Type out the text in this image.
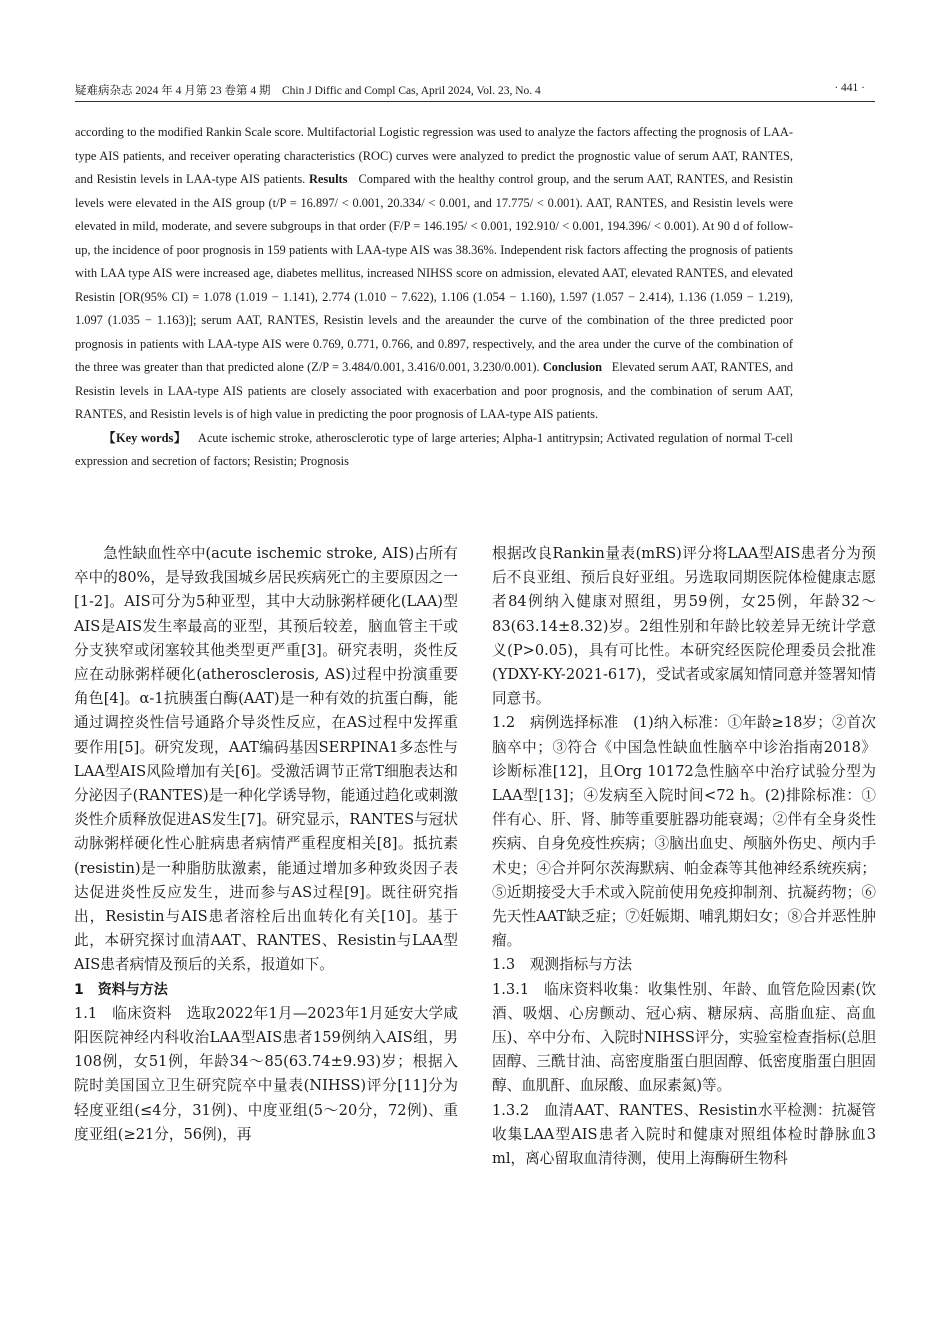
疑难病杂志 2024 年 4 月第 23 卷第 4 期　Chin J Diffic and Compl Cas, April 2024, Vol. 23, No. 4	· 441 ·

according to the modified Rankin Scale score. Multifactorial Logistic regression was used to analyze the factors affecting the prognosis of LAA-type AIS patients, and receiver operating characteristics (ROC) curves were analyzed to predict the prognostic value of serum AAT, RANTES, and Resistin levels in LAA-type AIS patients. Results Compared with the healthy control group, and the serum AAT, RANTES, and Resistin levels were elevated in the AIS group (t/P = 16.897/ < 0.001, 20.334/ < 0.001, and 17.775/ < 0.001). AAT, RANTES, and Resistin levels were elevated in mild, moderate, and severe subgroups in that order (F/P = 146.195/ < 0.001, 192.910/ < 0.001, 194.396/ < 0.001). At 90 d of follow-up, the incidence of poor prognosis in 159 patients with LAA-type AIS was 38.36%. Independent risk factors affecting the prognosis of patients with LAA type AIS were increased age, diabetes mellitus, increased NIHSS score on admission, elevated AAT, elevated RANTES, and elevated Resistin [OR(95% CI) = 1.078 (1.019 − 1.141), 2.774 (1.010 − 7.622), 1.106 (1.054 − 1.160), 1.597 (1.057 − 2.414), 1.136 (1.059 − 1.219), 1.097 (1.035 − 1.163)]; serum AAT, RANTES, Resistin levels and the areaunder the curve of the combination of the three predicted poor prognosis in patients with LAA-type AIS were 0.769, 0.771, 0.766, and 0.897, respectively, and the area under the curve of the combination of the three was greater than that predicted alone (Z/P = 3.484/0.001, 3.416/0.001, 3.230/0.001). Conclusion Elevated serum AAT, RANTES, and Resistin levels in LAA-type AIS patients are closely associated with exacerbation and poor prognosis, and the combination of serum AAT, RANTES, and Resistin levels is of high value in predicting the poor prognosis of LAA-type AIS patients.

【Key words】 Acute ischemic stroke, atherosclerotic type of large arteries; Alpha-1 antitrypsin; Activated regulation of normal T-cell expression and secretion of factors; Resistin; Prognosis

急性缺血性卒中(acute ischemic stroke, AIS)占所有卒中的80%，是导致我国城乡居民疾病死亡的主要原因之一[1-2]。AIS可分为5种亚型，其中大动脉粥样硬化(LAA)型AIS是AIS发生率最高的亚型，其预后较差，脑血管主干或分支狭窄或闭塞较其他类型更严重[3]。研究表明，炎性反应在动脉粥样硬化(atherosclerosis, AS)过程中扮演重要角色[4]。α-1抗胰蛋白酶(AAT)是一种有效的抗蛋白酶，能通过调控炎性信号通路介导炎性反应，在AS过程中发挥重要作用[5]。研究发现，AAT编码基因SERPINA1多态性与LAA型AIS风险增加有关[6]。受激活调节正常T细胞表达和分泌因子(RANTES)是一种化学诱导物，能通过趋化或刺激炎性介质释放促进AS发生[7]。研究显示，RANTES与冠状动脉粥样硬化性心脏病患者病情严重程度相关[8]。抵抗素(resistin)是一种脂肪肽激素，能通过增加多种致炎因子表达促进炎性反应发生，进而参与AS过程[9]。既往研究指出，Resistin与AIS患者溶栓后出血转化有关[10]。基于此，本研究探讨血清AAT、RANTES、Resistin与LAA型AIS患者病情及预后的关系，报道如下。

1　资料与方法

1.1　临床资料　选取2022年1月—2023年1月延安大学咸阳医院神经内科收治LAA型AIS患者159例纳入AIS组，男108例，女51例，年龄34～85(63.74±9.93)岁；根据入院时美国国立卫生研究院卒中量表(NIHSS)评分[11]分为轻度亚组(≤4分，31例)、中度亚组(5～20分，72例)、重度亚组(≥21分，56例)，再

根据改良Rankin量表(mRS)评分将LAA型AIS患者分为预后不良亚组、预后良好亚组。另选取同期医院体检健康志愿者84例纳入健康对照组，男59例，女25例，年龄32～83(63.14±8.32)岁。2组性别和年龄比较差异无统计学意义(P>0.05)，具有可比性。本研究经医院伦理委员会批准(YDXY-KY-2021-617)，受试者或家属知情同意并签署知情同意书。

1.2　病例选择标准　(1)纳入标准：①年龄≥18岁；②首次脑卒中；③符合《中国急性缺血性脑卒中诊治指南2018》诊断标准[12]，且Org 10172急性脑卒中治疗试验分型为LAA型[13]；④发病至入院时间<72 h。(2)排除标准：①伴有心、肝、肾、肺等重要脏器功能衰竭；②伴有全身炎性疾病、自身免疫性疾病；③脑出血史、颅脑外伤史、颅内手术史；④合并阿尔茨海默病、帕金森等其他神经系统疾病；⑤近期接受大手术或入院前使用免疫抑制剂、抗凝药物；⑥先天性AAT缺乏症；⑦妊娠期、哺乳期妇女；⑧合并恶性肿瘤。

1.3　观测指标与方法

1.3.1　临床资料收集：收集性别、年龄、血管危险因素(饮酒、吸烟、心房颤动、冠心病、糖尿病、高脂血症、高血压)、卒中分布、入院时NIHSS评分，实验室检查指标(总胆固醇、三酰甘油、高密度脂蛋白胆固醇、低密度脂蛋白胆固醇、血肌酐、血尿酸、血尿素氮)等。

1.3.2　血清AAT、RANTES、Resistin水平检测：抗凝管收集LAA型AIS患者入院时和健康对照组体检时静脉血3 ml，离心留取血清待测，使用上海酶研生物科
